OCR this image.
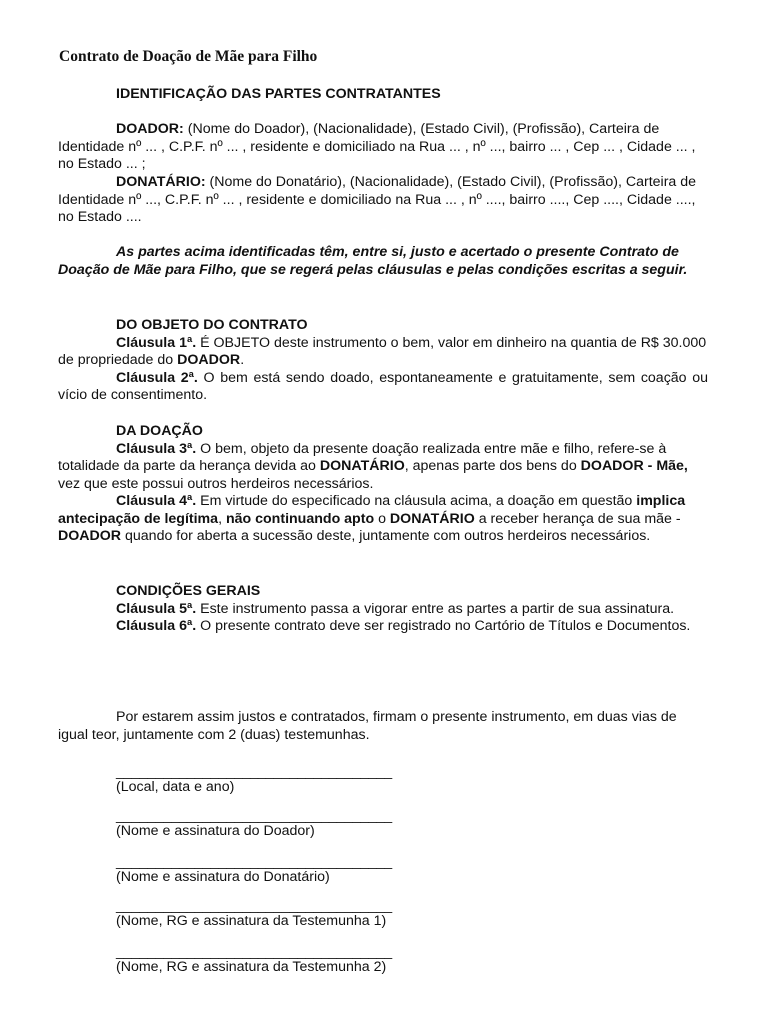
Contrato de Doação de Mãe para Filho

IDENTIFICAÇÃO DAS PARTES CONTRATANTES

DOADOR: (Nome do Doador), (Nacionalidade), (Estado Civil), (Profissão), Carteira de Identidade nº ... , C.P.F. nº ... , residente e domiciliado na Rua ... , nº ..., bairro ... , Cep ... , Cidade ... , no Estado ... ;

DONATÁRIO: (Nome do Donatário), (Nacionalidade), (Estado Civil), (Profissão), Carteira de Identidade nº ..., C.P.F. nº ... , residente e domiciliado na Rua ... , nº ...., bairro ...., Cep ...., Cidade ...., no Estado ....

As partes acima identificadas têm, entre si, justo e acertado o presente Contrato de Doação de Mãe para Filho, que se regerá pelas cláusulas e pelas condições escritas a seguir.

DO OBJETO DO CONTRATO

Cláusula 1ª. É OBJETO deste instrumento o bem, valor em dinheiro na quantia de R$ 30.000 de propriedade do DOADOR.

Cláusula 2ª. O bem está sendo doado, espontaneamente e gratuitamente, sem coação ou vício de consentimento.

DA DOAÇÃO

Cláusula 3ª. O bem, objeto da presente doação realizada entre mãe e filho, refere-se à totalidade da parte da herança devida ao DONATÁRIO, apenas parte dos bens do DOADOR - Mãe, vez que este possui outros herdeiros necessários.

Cláusula 4ª. Em virtude do especificado na cláusula acima, a doação em questão implica antecipação de legítima, não continuando apto o DONATÁRIO a receber herança de sua mãe - DOADOR quando for aberta a sucessão deste, juntamente com outros herdeiros necessários.

CONDIÇÕES GERAIS

Cláusula 5ª. Este instrumento passa a vigorar entre as partes a partir de sua assinatura.

Cláusula 6ª. O presente contrato deve ser registrado no Cartório de Títulos e Documentos.

Por estarem assim justos e contratados, firmam o presente instrumento, em duas vias de igual teor, juntamente com 2 (duas) testemunhas.

___________________________________
(Local, data e ano)
___________________________________
(Nome e assinatura do Doador)
___________________________________
(Nome e assinatura do Donatário)
___________________________________
(Nome, RG e assinatura da Testemunha 1)
___________________________________
(Nome, RG e assinatura da Testemunha 2)
